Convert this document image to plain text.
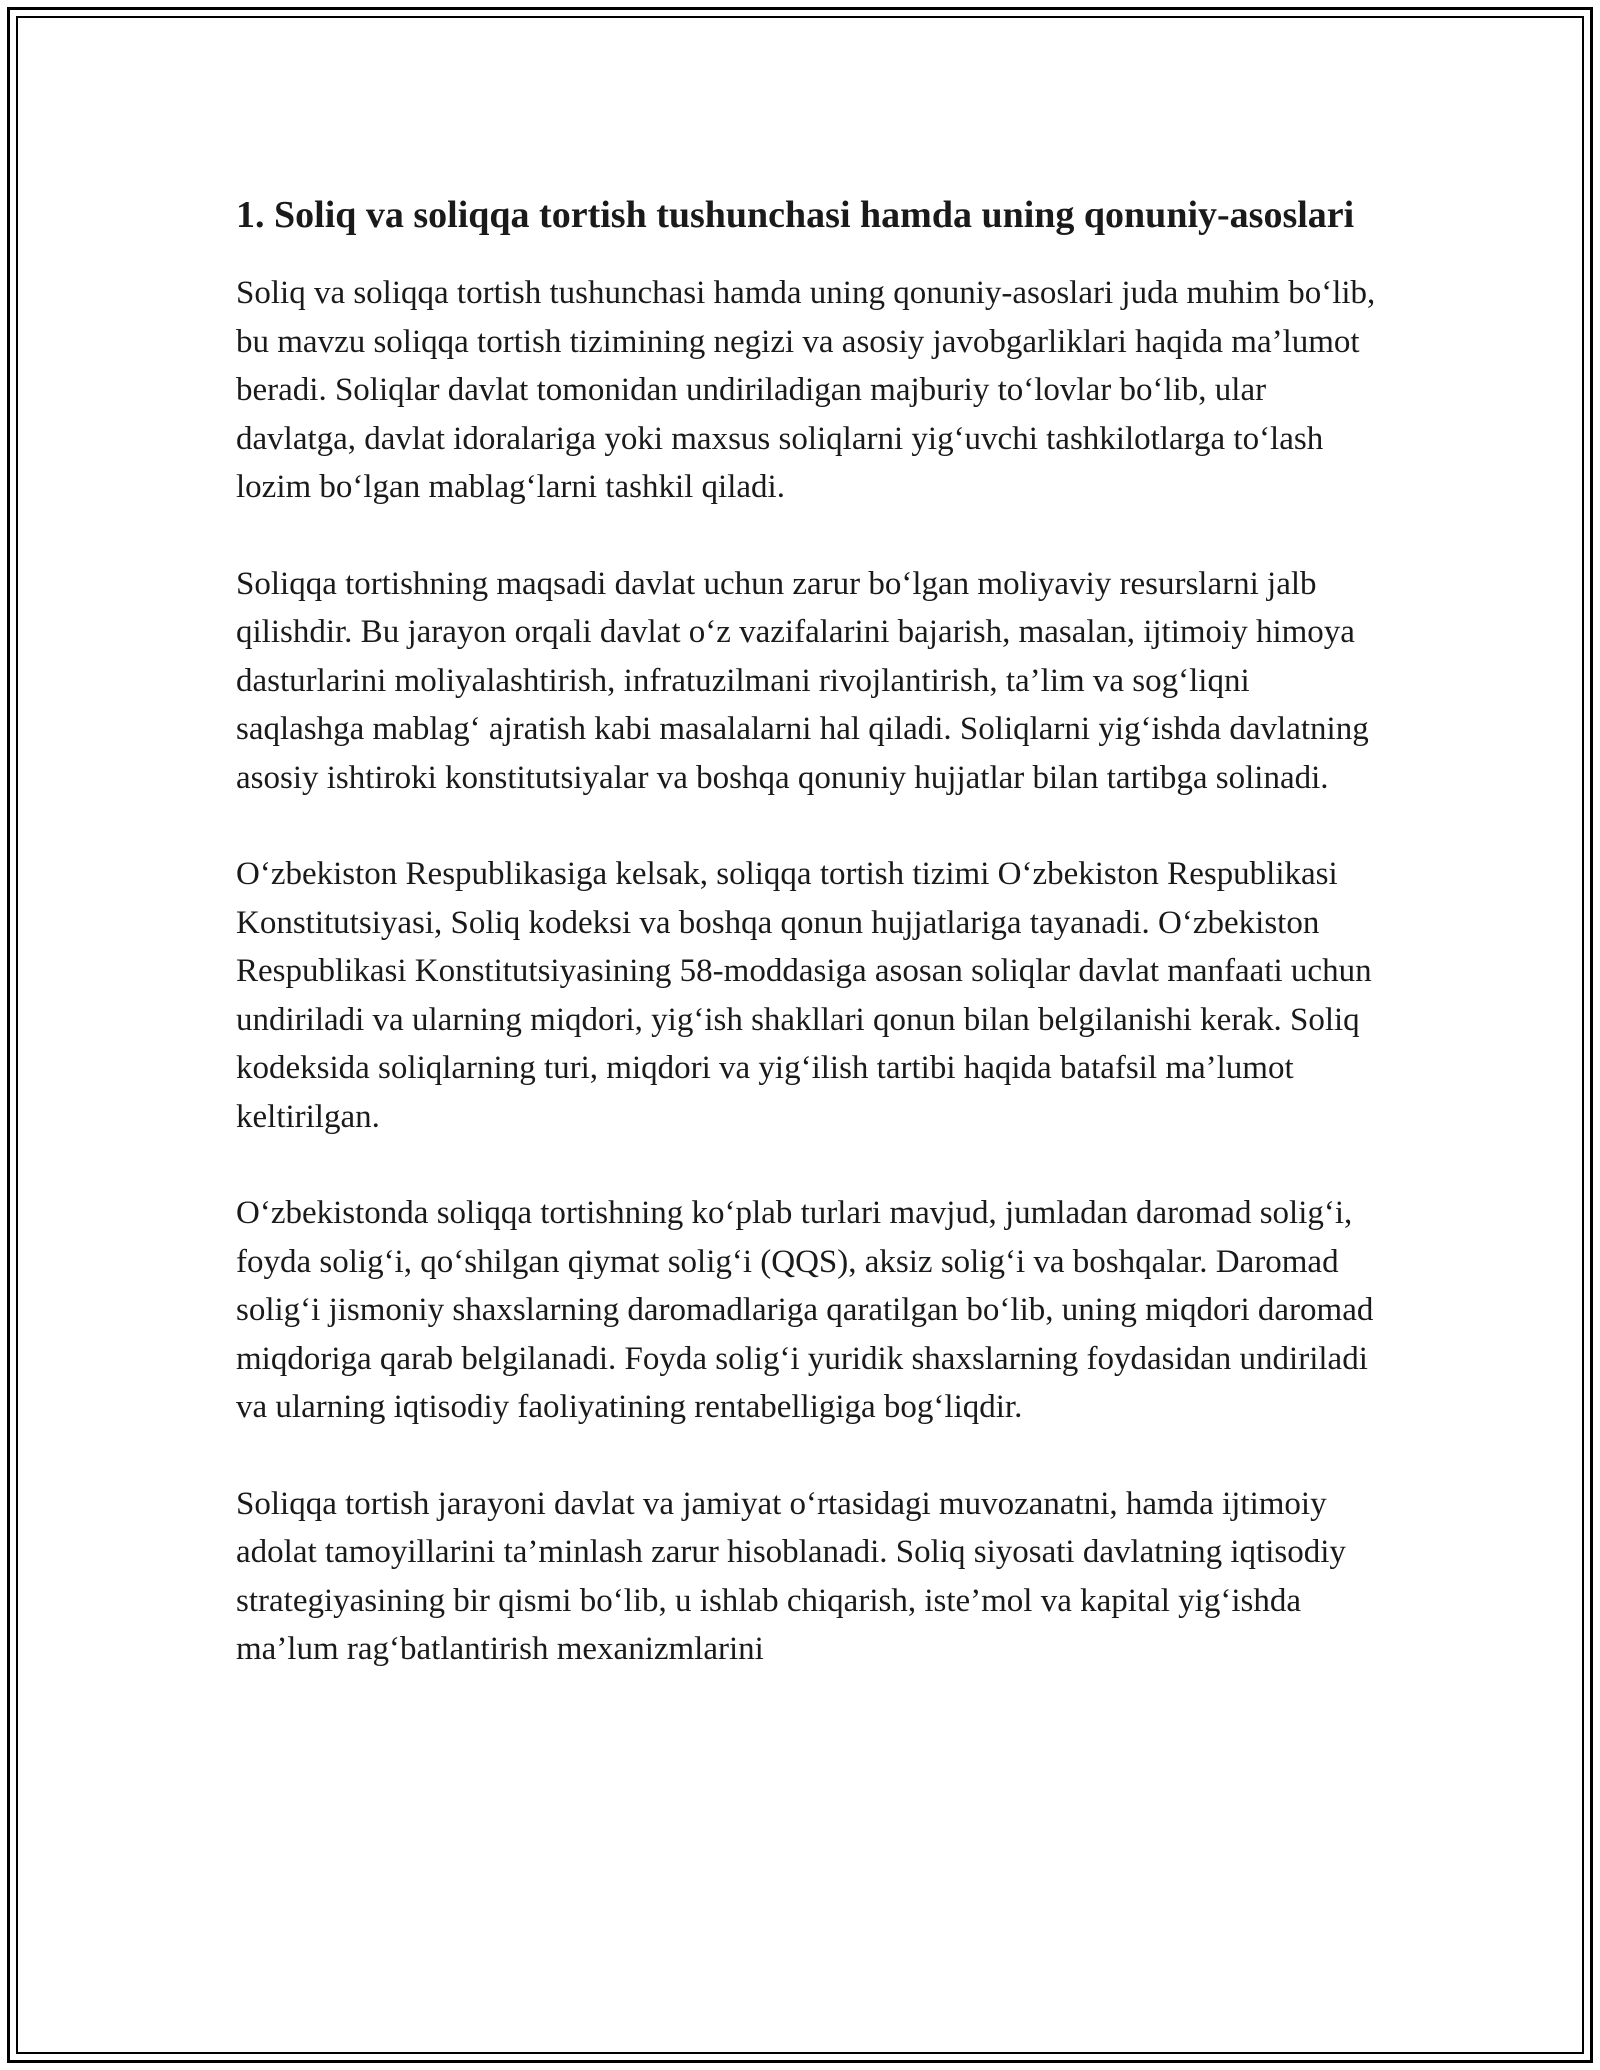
1. Soliq va soliqqa tortish tushunchasi hamda uning qonuniy-asoslari

Soliq va soliqqa tortish tushunchasi hamda uning qonuniy-asoslari juda muhim bo‘lib, bu mavzu soliqqa tortish tizimining negizi va asosiy javobgarliklari haqida ma’lumot beradi. Soliqlar davlat tomonidan undiriladigan majburiy to‘lovlar bo‘lib, ular davlatga, davlat idoralariga yoki maxsus soliqlarni yig‘uvchi tashkilotlarga to‘lash lozim bo‘lgan mablag‘larni tashkil qiladi.

Soliqqa tortishning maqsadi davlat uchun zarur bo‘lgan moliyaviy resurslarni jalb qilishdir. Bu jarayon orqali davlat o‘z vazifalarini bajarish, masalan, ijtimoiy himoya dasturlarini moliyalashtirish, infratuzilmani rivojlantirish, ta’lim va sog‘liqni saqlashga mablag‘ ajratish kabi masalalarni hal qiladi. Soliqlarni yig‘ishda davlatning asosiy ishtiroki konstitutsiyalar va boshqa qonuniy hujjatlar bilan tartibga solinadi.

O‘zbekiston Respublikasiga kelsak, soliqqa tortish tizimi O‘zbekiston Respublikasi Konstitutsiyasi, Soliq kodeksi va boshqa qonun hujjatlariga tayanadi. O‘zbekiston Respublikasi Konstitutsiyasining 58-moddasiga asosan soliqlar davlat manfaati uchun undiriladi va ularning miqdori, yig‘ish shakllari qonun bilan belgilanishi kerak. Soliq kodeksida soliqlarning turi, miqdori va yig‘ilish tartibi haqida batafsil ma’lumot keltirilgan.

O‘zbekistonda soliqqa tortishning ko‘plab turlari mavjud, jumladan daromad solig‘i, foyda solig‘i, qo‘shilgan qiymat solig‘i (QQS), aksiz solig‘i va boshqalar. Daromad solig‘i jismoniy shaxslarning daromadlariga qaratilgan bo‘lib, uning miqdori daromad miqdoriga qarab belgilanadi. Foyda solig‘i yuridik shaxslarning foydasidan undiriladi va ularning iqtisodiy faoliyatining rentabelligiga bog‘liqdir.

Soliqqa tortish jarayoni davlat va jamiyat o‘rtasidagi muvozanatni, hamda ijtimoiy adolat tamoyillarini ta’minlash zarur hisoblanadi. Soliq siyosati davlatning iqtisodiy strategiyasining bir qismi bo‘lib, u ishlab chiqarish, iste’mol va kapital yig‘ishda ma’lum rag‘batlantirish mexanizmlarini
